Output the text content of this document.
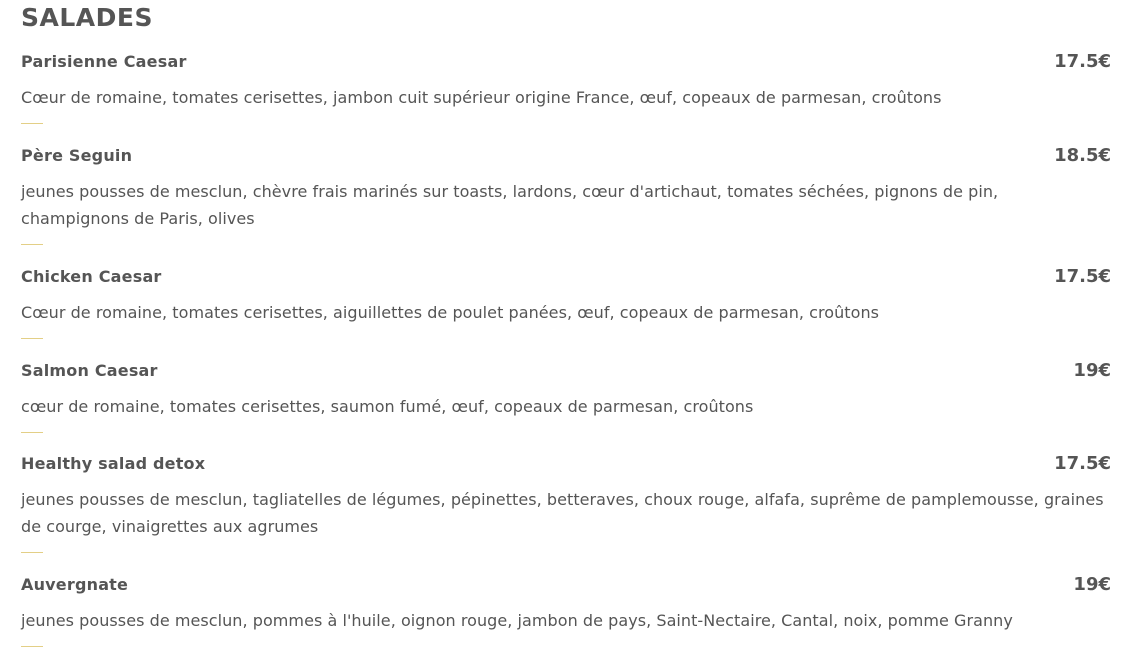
SALADES
Parisienne Caesar	17.5€
Cœur de romaine, tomates cerisettes, jambon cuit supérieur origine France, œuf, copeaux de parmesan, croûtons
Père Seguin	18.5€
jeunes pousses de mesclun, chèvre frais marinés sur toasts, lardons, cœur d'artichaut, tomates séchées, pignons de pin, champignons de Paris, olives
Chicken Caesar	17.5€
Cœur de romaine, tomates cerisettes, aiguillettes de poulet panées, œuf, copeaux de parmesan, croûtons
Salmon Caesar	19€
cœur de romaine, tomates cerisettes, saumon fumé, œuf, copeaux de parmesan, croûtons
Healthy salad detox	17.5€
jeunes pousses de mesclun, tagliatelles de légumes, pépinettes, betteraves, choux rouge, alfafa, suprême de pamplemousse, graines de courge, vinaigrettes aux agrumes
Auvergnate	19€
jeunes pousses de mesclun, pommes à l'huile, oignon rouge, jambon de pays, Saint-Nectaire, Cantal, noix, pomme Granny
